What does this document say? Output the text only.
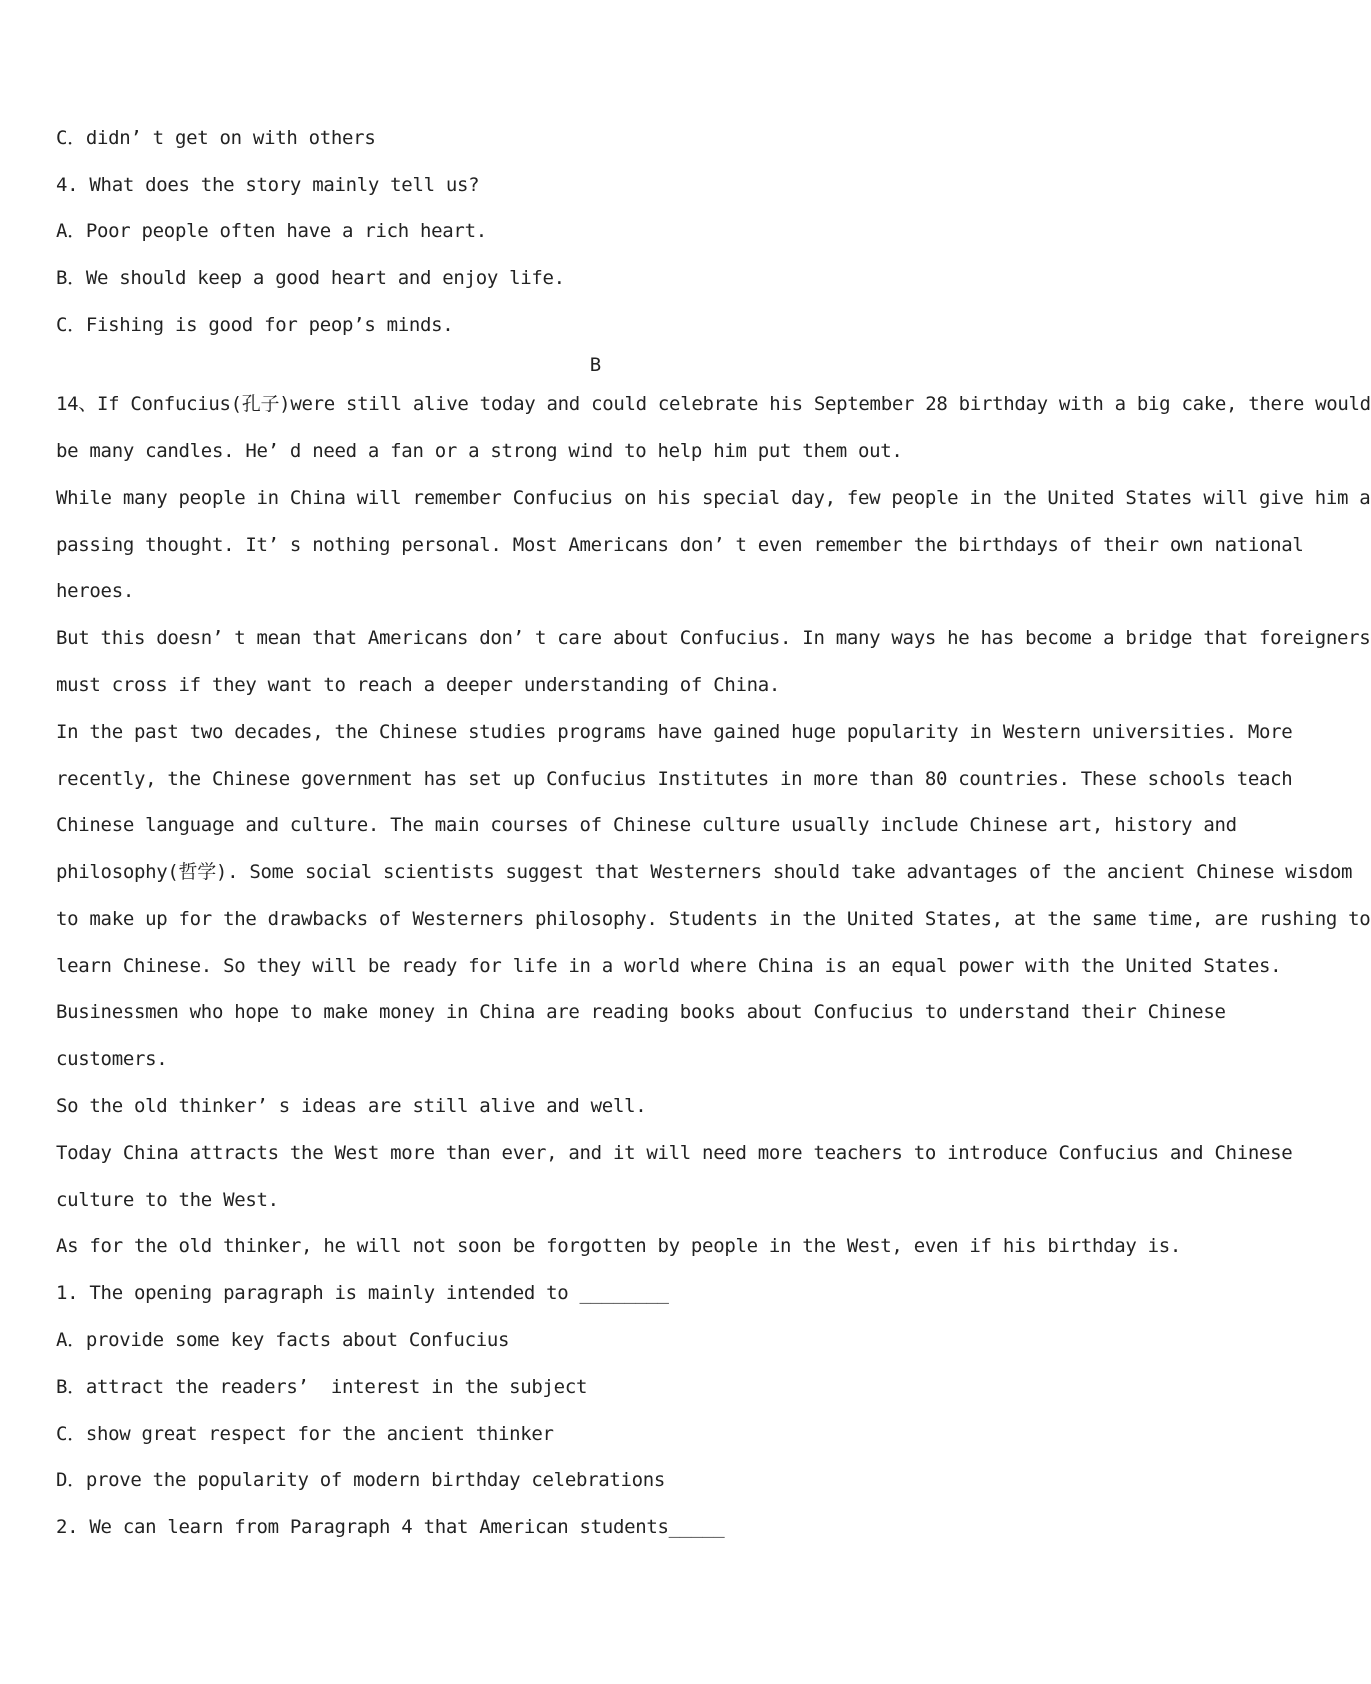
C．didn’ t get on with others
4. What does the story mainly tell us?
A．Poor people often have a rich heart.
B．We should keep a good heart and enjoy life.
C．Fishing is good for peop’s minds.
B
14、If Confucius(孔子)were still alive today and could celebrate his September 28 birthday with a big cake, there would
be many candles. He’ d need a fan or a strong wind to help him put them out.
While many people in China will remember Confucius on his special day, few people in the United States will give him a
passing thought. It’ s nothing personal. Most Americans don’ t even remember the birthdays of their own national
heroes.
But this doesn’ t mean that Americans don’ t care about Confucius. In many ways he has become a bridge that foreigners
must cross if they want to reach a deeper understanding of China.
In the past two decades, the Chinese studies programs have gained huge popularity in Western universities. More
recently, the Chinese government has set up Confucius Institutes in more than 80 countries. These schools teach
Chinese language and culture. The main courses of Chinese culture usually include Chinese art, history and
philosophy(哲学). Some social scientists suggest that Westerners should take advantages of the ancient Chinese wisdom
to make up for the drawbacks of Westerners philosophy. Students in the United States, at the same time, are rushing to
learn Chinese. So they will be ready for life in a world where China is an equal power with the United States.
Businessmen who hope to make money in China are reading books about Confucius to understand their Chinese
customers.
So the old thinker’ s ideas are still alive and well.
Today China attracts the West more than ever, and it will need more teachers to introduce Confucius and Chinese
culture to the West.
As for the old thinker, he will not soon be forgotten by people in the West, even if his birthday is.
1. The opening paragraph is mainly intended to ________
A．provide some key facts about Confucius
B．attract the readers’  interest in the subject
C．show great respect for the ancient thinker
D．prove the popularity of modern birthday celebrations
2. We can learn from Paragraph 4 that American students_____
